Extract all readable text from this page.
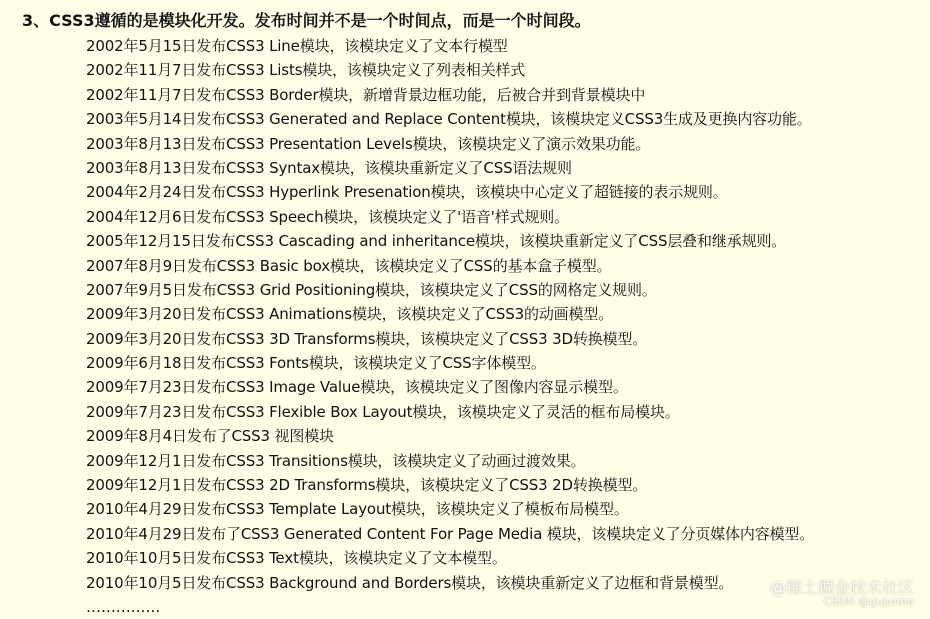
3、CSS3遵循的是模块化开发。发布时间并不是一个时间点，而是一个时间段。
2002年5月15日发布CSS3 Line模块，该模块定义了文本行模型
2002年11月7日发布CSS3 Lists模块，该模块定义了列表相关样式
2002年11月7日发布CSS3 Border模块，新增背景边框功能，后被合并到背景模块中
2003年5月14日发布CSS3 Generated and Replace Content模块，该模块定义CSS3生成及更换内容功能。
2003年8月13日发布CSS3 Presentation Levels模块，该模块定义了演示效果功能。
2003年8月13日发布CSS3 Syntax模块，该模块重新定义了CSS语法规则
2004年2月24日发布CSS3 Hyperlink Presenation模块，该模块中心定义了超链接的表示规则。
2004年12月6日发布CSS3 Speech模块，该模块定义了'语音'样式规则。
2005年12月15日发布CSS3 Cascading and inheritance模块，该模块重新定义了CSS层叠和继承规则。
2007年8月9日发布CSS3 Basic box模块，该模块定义了CSS的基本盒子模型。
2007年9月5日发布CSS3 Grid Positioning模块，该模块定义了CSS的网格定义规则。
2009年3月20日发布CSS3 Animations模块，该模块定义了CSS3的动画模型。
2009年3月20日发布CSS3 3D Transforms模块，该模块定义了CSS3 3D转换模型。
2009年6月18日发布CSS3 Fonts模块，该模块定义了CSS字体模型。
2009年7月23日发布CSS3 Image Value模块，该模块定义了图像内容显示模型。
2009年7月23日发布CSS3 Flexible Box Layout模块，该模块定义了灵活的框布局模块。
2009年8月4日发布了CSS3 视图模块
2009年12月1日发布CSS3 Transitions模块，该模块定义了动画过渡效果。
2009年12月1日发布CSS3 2D Transforms模块，该模块定义了CSS3 2D转换模型。
2010年4月29日发布CSS3 Template Layout模块，该模块定义了模板布局模型。
2010年4月29日发布了CSS3 Generated Content For Page Media 模块，该模块定义了分页媒体内容模型。
2010年10月5日发布CSS3 Text模块，该模块定义了文本模型。
2010年10月5日发布CSS3 Background and Borders模块，该模块重新定义了边框和背景模型。
……………
@稀土掘金技术社区
CSDN @gujunhe
